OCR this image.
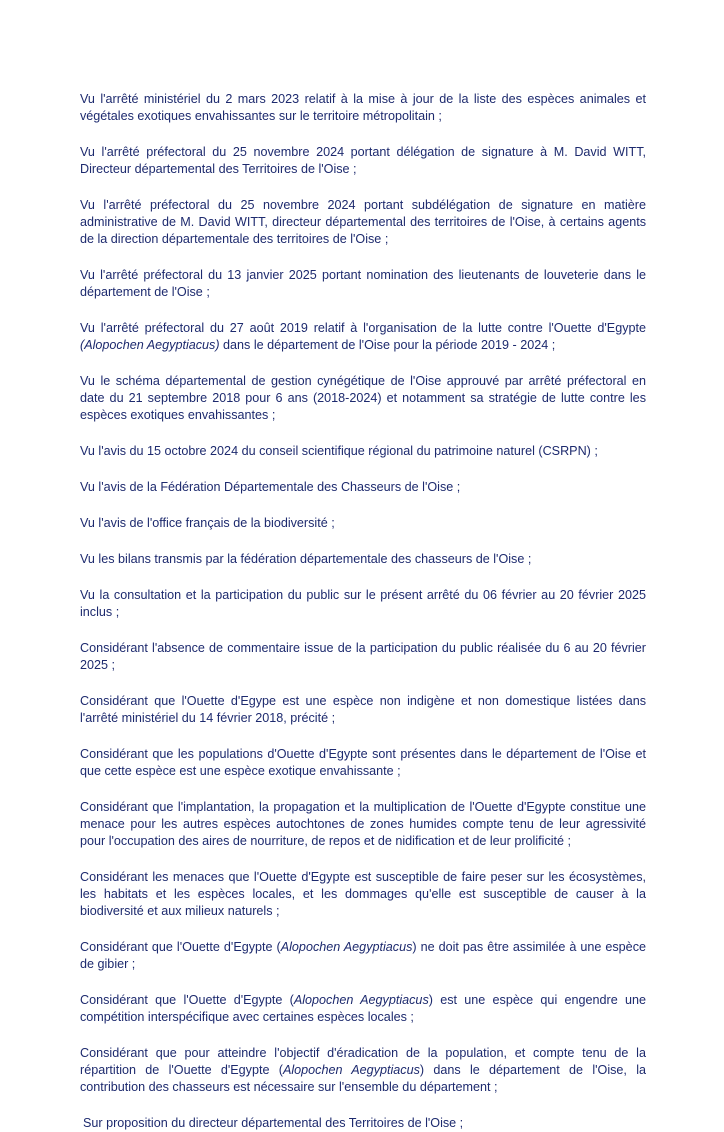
Vu l'arrêté ministériel du 2 mars 2023 relatif à la mise à jour de la liste des espèces animales et végétales exotiques envahissantes sur le territoire métropolitain ;

Vu l'arrêté préfectoral du 25 novembre 2024 portant délégation de signature à M. David WITT, Directeur départemental des Territoires de l'Oise ;

Vu l'arrêté préfectoral du 25 novembre 2024 portant subdélégation de signature en matière administrative de M. David WITT, directeur départemental des territoires de l'Oise, à certains agents de la direction départementale des territoires de l'Oise ;

Vu l'arrêté préfectoral du 13 janvier 2025 portant nomination des lieutenants de louveterie dans le département de l'Oise ;

Vu l'arrêté préfectoral du 27 août 2019 relatif à l'organisation de la lutte contre l'Ouette d'Egypte (Alopochen Aegyptiacus) dans le département de l'Oise pour la période 2019 - 2024 ;

Vu le schéma départemental de gestion cynégétique de l'Oise approuvé par arrêté préfectoral en date du 21 septembre 2018 pour 6 ans (2018-2024) et notamment sa stratégie de lutte contre les espèces exotiques envahissantes ;

Vu l'avis du 15 octobre 2024 du conseil scientifique régional du patrimoine naturel (CSRPN) ;

Vu l'avis de la Fédération Départementale des Chasseurs de l'Oise ;

Vu l'avis de l'office français de la biodiversité ;

Vu les bilans transmis par la fédération départementale des chasseurs de l'Oise ;

Vu la consultation et la participation du public sur le présent arrêté du 06 février au 20 février 2025 inclus ;

Considérant l'absence de commentaire issue de la participation du public réalisée du 6 au 20 février 2025 ;

Considérant que l'Ouette d'Egype est une espèce non indigène et non domestique listées dans l'arrêté ministériel du 14 février 2018, précité ;

Considérant que les populations d'Ouette d'Egypte sont présentes dans le département de l'Oise et que cette espèce est une espèce exotique envahissante ;

Considérant que l'implantation, la propagation et la multiplication de l'Ouette d'Egypte constitue une menace pour les autres espèces autochtones de zones humides compte tenu de leur agressivité pour l'occupation des aires de nourriture, de repos et de nidification et de leur prolificité ;

Considérant les menaces que l'Ouette d'Egypte est susceptible de faire peser sur les écosystèmes, les habitats et les espèces locales, et les dommages qu'elle est susceptible de causer à la biodiversité et aux milieux naturels ;

Considérant que l'Ouette d'Egypte (Alopochen Aegyptiacus) ne doit pas être assimilée à une espèce de gibier ;

Considérant que l'Ouette d'Egypte (Alopochen Aegyptiacus) est une espèce qui engendre une compétition interspécifique avec certaines espèces locales ;

Considérant que pour atteindre l'objectif d'éradication de la population, et compte tenu de la répartition de l'Ouette d'Egypte (Alopochen Aegyptiacus) dans le département de l'Oise, la contribution des chasseurs est nécessaire sur l'ensemble du département ;

Sur proposition du directeur départemental des Territoires de l'Oise ;
